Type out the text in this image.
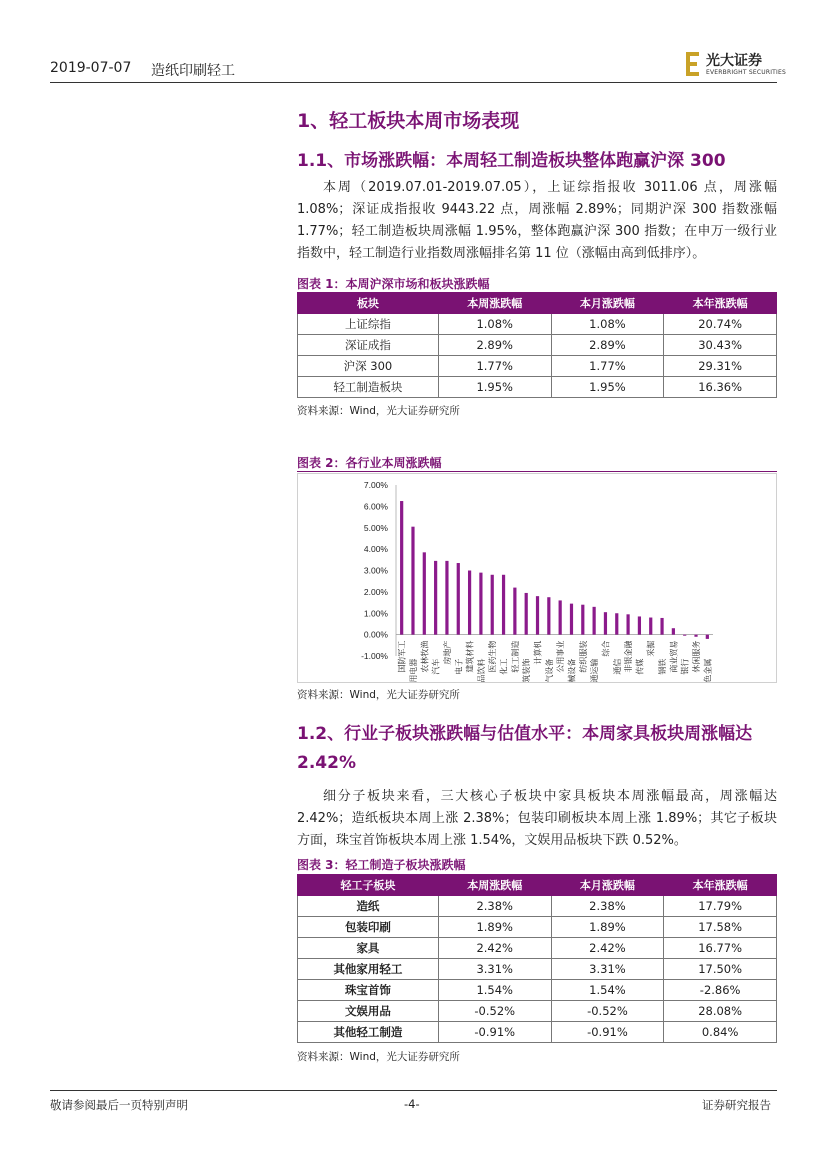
2019-07-07 造纸印刷轻工
光大证券
EVERBRIGHT SECURITIES
1、轻工板块本周市场表现
1.1、市场涨跌幅：本周轻工制造板块整体跑赢沪深 300

本周（2019.07.01-2019.07.05），上证综指报收 3011.06 点，周涨幅 1.08%；深证成指报收 9443.22 点，周涨幅 2.89%；同期沪深 300 指数涨幅 1.77%；轻工制造板块周涨幅 1.95%，整体跑赢沪深 300 指数；在申万一级行业指数中，轻工制造行业指数周涨幅排名第 11 位（涨幅由高到低排序）。

图表 1：本周沪深市场和板块涨跌幅
板块	本周涨跌幅	本月涨跌幅	本年涨跌幅
上证综指	1.08%	1.08%	20.74%
深证成指	2.89%	2.89%	30.43%
沪深 300	1.77%	1.77%	29.31%
轻工制造板块	1.95%	1.95%	16.36%
资料来源：Wind，光大证券研究所
图表 2：各行业本周涨跌幅
7.00%
6.00%
5.00%
4.00%
3.00%
2.00%
1.00%
0.00%
-1.00% 国防军工
家用电器
农林牧渔 汽车
房地产
电子 建筑材料
食品饮料
医药生物 化工 轻工制造
建筑装饰
计算机
电气设备
公用事业
机械设备
纺织服装
交通运输
综合
通信 非银金融 传媒
采掘
钢铁 商业贸易 银行 休闲服务
有色金属
资料来源：Wind，光大证券研究所
1.2、行业子板块涨跌幅与估值水平：本周家具板块周涨幅达 2.42%

细分子板块来看，三大核心子板块中家具板块本周涨幅最高，周涨幅达 2.42%；造纸板块本周上涨 2.38%；包装印刷板块本周上涨 1.89%；其它子板块方面，珠宝首饰板块本周上涨 1.54%，文娱用品板块下跌 0.52%。

图表 3：轻工制造子板块涨跌幅
轻工子板块	本周涨跌幅	本月涨跌幅	本年涨跌幅
造纸	2.38%	2.38%	17.79%
包装印刷	1.89%	1.89%	17.58%
家具	2.42%	2.42%	16.77%
其他家用轻工	3.31%	3.31%	17.50%
珠宝首饰	1.54%	1.54%	-2.86%
文娱用品	-0.52%	-0.52%	28.08%
其他轻工制造	-0.91%	-0.91%	0.84%
资料来源：Wind，光大证券研究所
敬请参阅最后一页特别声明	-4-	证券研究报告
